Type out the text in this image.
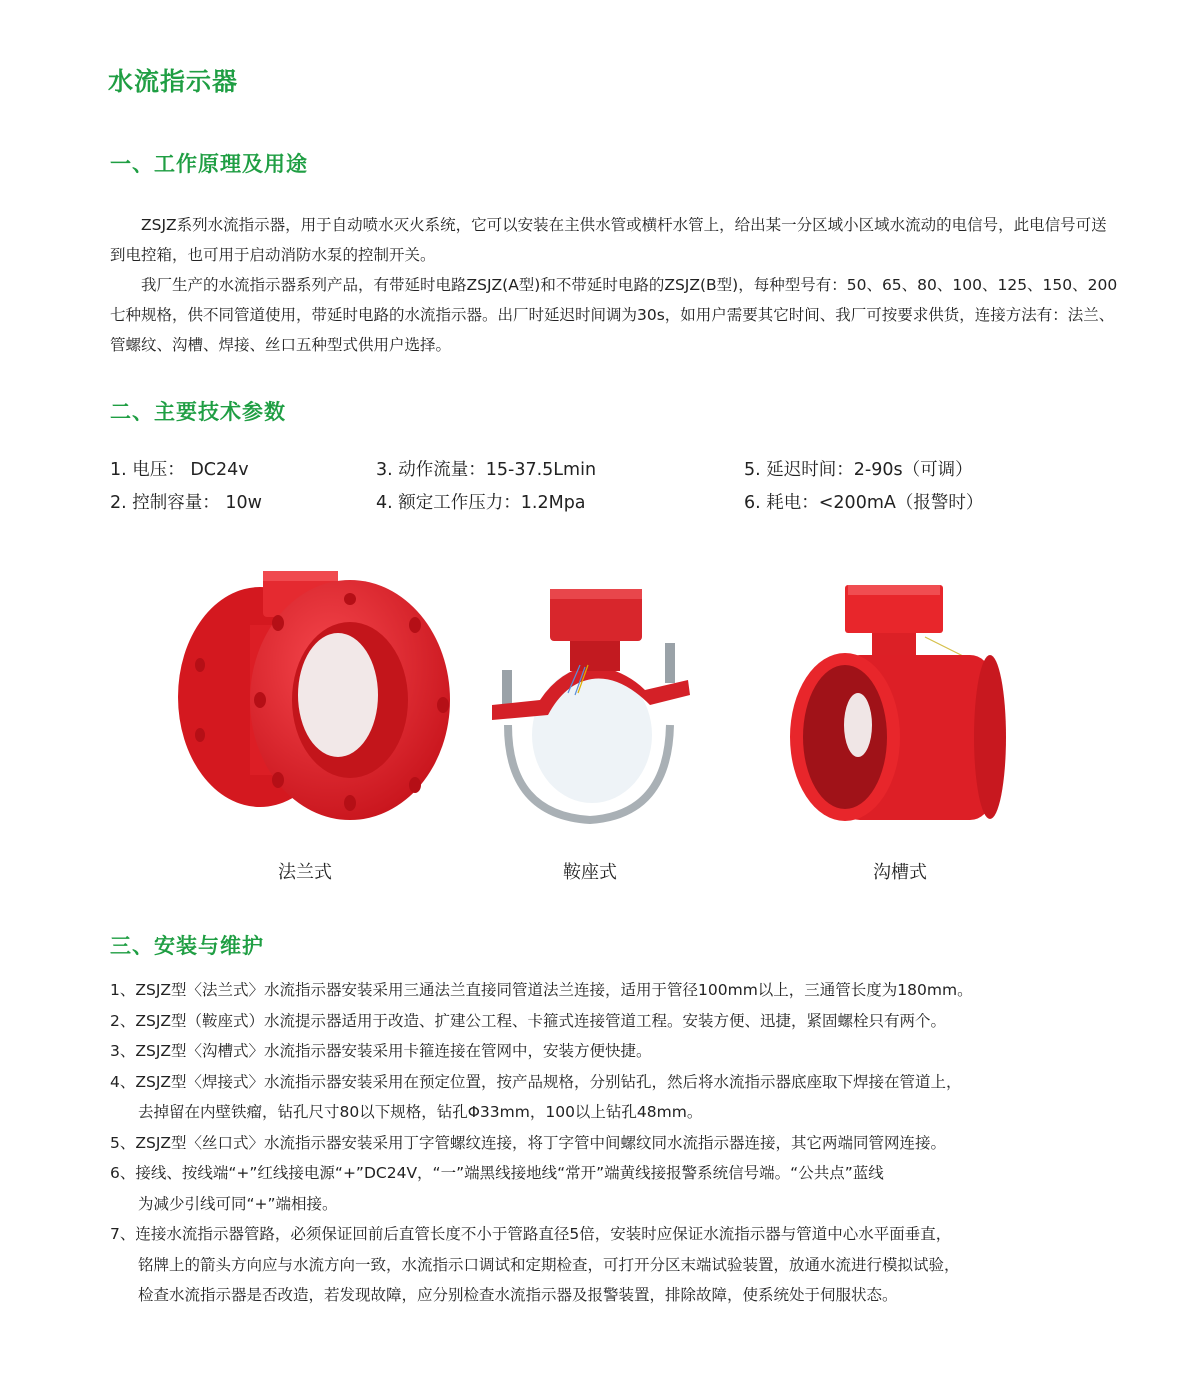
水流指示器
一、工作原理及用途

ZSJZ系列水流指示器，用于自动喷水灭火系统，它可以安装在主供水管或横杆水管上，给出某一分区域小区域水流动的电信号，此电信号可送到电控箱，也可用于启动消防水泵的控制开关。

我厂生产的水流指示器系列产品，有带延时电路ZSJZ(A型)和不带延时电路的ZSJZ(B型)，每种型号有：50、65、80、100、125、150、200七种规格，供不同管道使用，带延时电路的水流指示器。出厂时延迟时间调为30s，如用户需要其它时间、我厂可按要求供货，连接方法有：法兰、管螺纹、沟槽、焊接、丝口五种型式供用户选择。

二、主要技术参数
1. 电压： DC24v
2. 控制容量： 10w
3. 动作流量：15-37.5Lmin
4. 额定工作压力：1.2Mpa
5. 延迟时间：2-90s（可调）
6. 耗电：<200mA（报警时）
法兰式	鞍座式	沟槽式
三、安装与维护
1、ZSJZ型〈法兰式〉水流指示器安装采用三通法兰直接同管道法兰连接，适用于管径100mm以上，三通管长度为180mm。
2、ZSJZ型（鞍座式）水流提示器适用于改造、扩建公工程、卡箍式连接管道工程。安装方便、迅捷，紧固螺栓只有两个。
3、ZSJZ型〈沟槽式〉水流指示器安装采用卡箍连接在管网中，安装方便快捷。
4、ZSJZ型〈焊接式〉水流指示器安装采用在预定位置，按产品规格，分别钻孔，然后将水流指示器底座取下焊接在管道上，
去掉留在内壁铁瘤，钻孔尺寸80以下规格，钻孔Φ33mm，100以上钻孔48mm。
5、ZSJZ型〈丝口式〉水流指示器安装采用丁字管螺纹连接，将丁字管中间螺纹同水流指示器连接，其它两端同管网连接。
6、接线、按线端“+”红线接电源“+”DC24V，“一”端黑线接地线“常开”端黄线接报警系统信号端。“公共点”蓝线
为减少引线可同“+”端相接。
7、连接水流指示器管路，必须保证回前后直管长度不小于管路直径5倍，安装时应保证水流指示器与管道中心水平面垂直，
铭牌上的箭头方向应与水流方向一致，水流指示口调试和定期检查，可打开分区末端试验装置，放通水流进行模拟试验，
检查水流指示器是否改造，若发现故障，应分别检查水流指示器及报警装置，排除故障，使系统处于伺服状态。
